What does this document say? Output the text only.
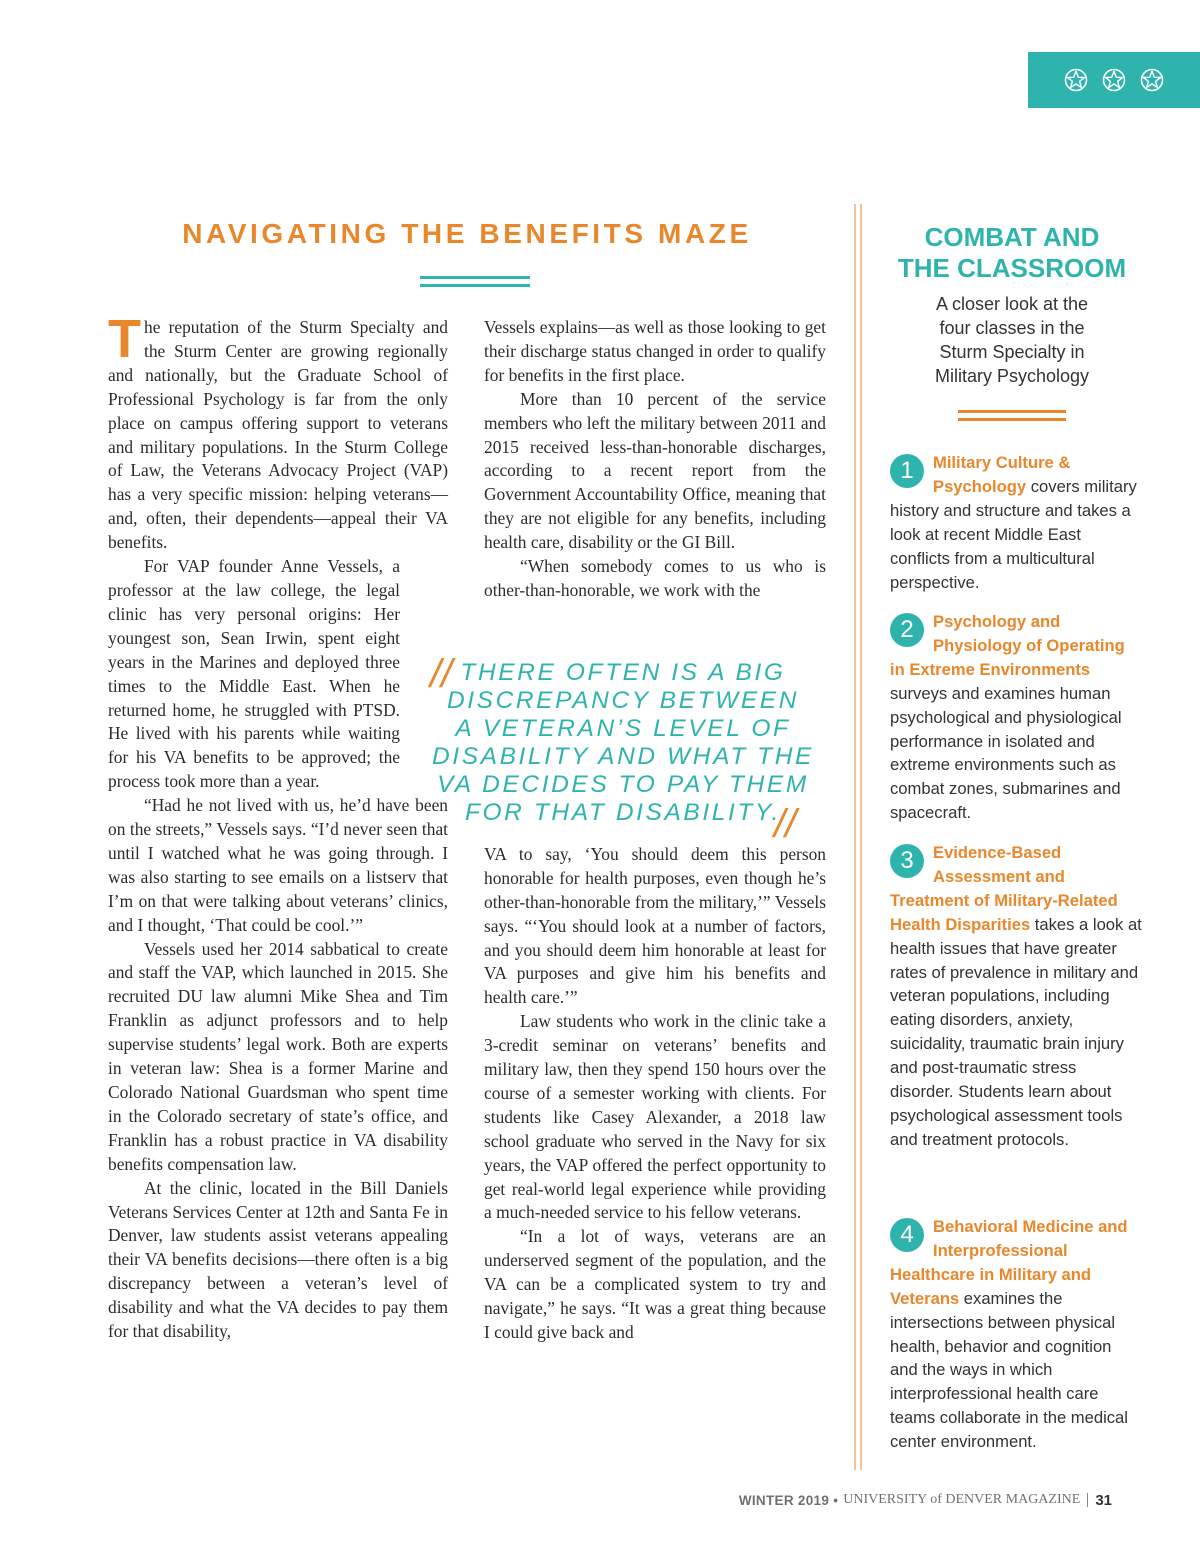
NAVIGATING THE BENEFITS MAZE

The reputation of the Sturm Specialty and the Sturm Center are growing regionally and nationally, but the Graduate School of Professional Psychology is far from the only place on campus offering support to veterans and military populations. In the Sturm College of Law, the Veterans Advocacy Project (VAP) has a very specific mission: helping veterans—and, often, their dependents—appeal their VA benefits.

For VAP founder Anne Vessels, a professor at the law college, the legal clinic has very personal origins: Her youngest son, Sean Irwin, spent eight years in the Marines and deployed three times to the Middle East. When he returned home, he struggled with PTSD. He lived with his parents while waiting for his VA benefits to be approved; the process took more than a year.

“Had he not lived with us, he’d have been on the streets,” Vessels says. “I’d never seen that until I watched what he was going through. I was also starting to see emails on a listserv that I’m on that were talking about veterans’ clinics, and I thought, ‘That could be cool.’”

Vessels used her 2014 sabbatical to create and staff the VAP, which launched in 2015. She recruited DU law alumni Mike Shea and Tim Franklin as adjunct professors and to help supervise students’ legal work. Both are experts in veteran law: Shea is a former Marine and Colorado National Guardsman who spent time in the Colorado secretary of state’s office, and Franklin has a robust practice in VA disability benefits compensation law.

At the clinic, located in the Bill Daniels Veterans Services Center at 12th and Santa Fe in Denver, law students assist veterans appealing their VA benefits decisions—there often is a big discrepancy between a veteran’s level of disability and what the VA decides to pay them for that disability,

Vessels explains—as well as those looking to get their discharge status changed in order to qualify for benefits in the first place.

More than 10 percent of the service members who left the military between 2011 and 2015 received less-than-honorable discharges, according to a recent report from the Government Accountability Office, meaning that they are not eligible for any benefits, including health care, disability or the GI Bill.

“When somebody comes to us who is other-than-honorable, we work with the

VA to say, ‘You should deem this person honorable for health purposes, even though he’s other-than-honorable from the military,’” Vessels says. “‘You should look at a number of factors, and you should deem him honorable at least for VA purposes and give him his benefits and health care.’”

Law students who work in the clinic take a 3-credit seminar on veterans’ benefits and military law, then they spend 150 hours over the course of a semester working with clients. For students like Casey Alexander, a 2018 law school graduate who served in the Navy for six years, the VAP offered the perfect opportunity to get real-world legal experience while providing a much-needed service to his fellow veterans.

“In a lot of ways, veterans are an underserved segment of the population, and the VA can be a complicated system to try and navigate,” he says. “It was a great thing because I could give back and

// THERE OFTEN IS A BIG
DISCREPANCY BETWEEN
A VETERAN’S LEVEL OF
DISABILITY AND WHAT THE
VA DECIDES TO PAY THEM
FOR THAT DISABILITY.
//
COMBAT AND
THE CLASSROOM
A closer look at the
four classes in the
Sturm Specialty in
Military Psychology
1	Military Culture & Psychology covers military history and structure and takes a look at recent Middle East conflicts from a multicultural perspective.
2	Psychology and Physiology of Operating in Extreme Environments surveys and examines human psychological and physiological performance in isolated and extreme environments such as combat zones, submarines and spacecraft.
3	Evidence-Based Assessment and Treatment of Military-Related Health Disparities takes a look at health issues that have greater rates of prevalence in military and veteran populations, including eating disorders, anxiety, suicidality, traumatic brain injury and post-traumatic stress disorder. Students learn about psychological assessment tools and treatment protocols.
4	Behavioral Medicine and Interprofessional Healthcare in Military and Veterans examines the intersections between physical health, behavior and cognition and the ways in which interprofessional health care teams collaborate in the medical center environment.
WINTER 2019 • UNIVERSITY of DENVER MAGAZINE 31
